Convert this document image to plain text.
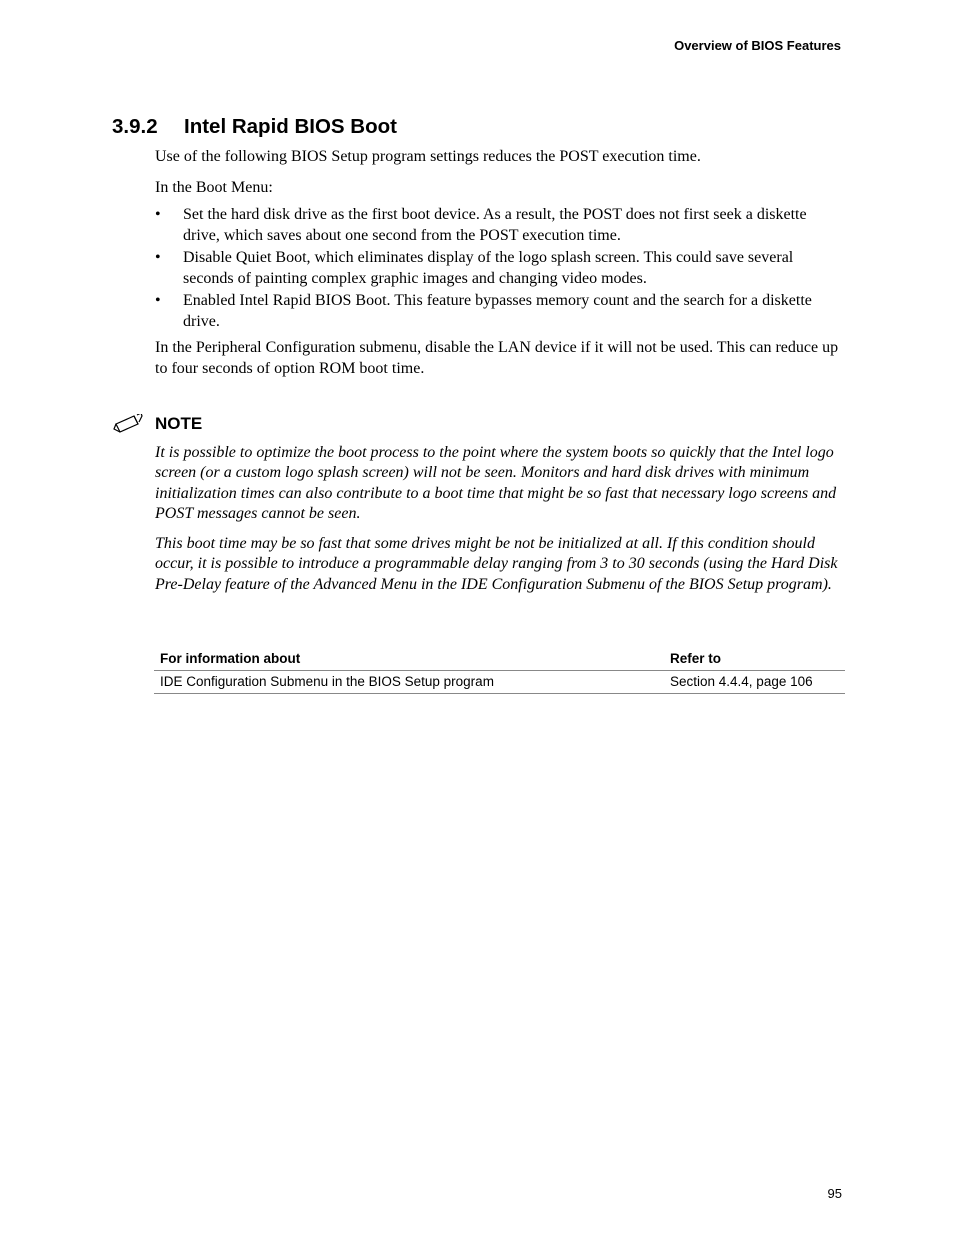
Overview of BIOS Features
3.9.2 Intel Rapid BIOS Boot
Use of the following BIOS Setup program settings reduces the POST execution time.
In the Boot Menu:
• Set the hard disk drive as the first boot device. As a result, the POST does not first seek a diskette drive, which saves about one second from the POST execution time.
• Disable Quiet Boot, which eliminates display of the logo splash screen. This could save several seconds of painting complex graphic images and changing video modes.
• Enabled Intel Rapid BIOS Boot. This feature bypasses memory count and the search for a diskette drive.
In the Peripheral Configuration submenu, disable the LAN device if it will not be used. This can reduce up to four seconds of option ROM boot time.
NOTE
It is possible to optimize the boot process to the point where the system boots so quickly that the Intel logo screen (or a custom logo splash screen) will not be seen. Monitors and hard disk drives with minimum initialization times can also contribute to a boot time that might be so fast that necessary logo screens and POST messages cannot be seen.
This boot time may be so fast that some drives might be not be initialized at all. If this condition should occur, it is possible to introduce a programmable delay ranging from 3 to 30 seconds (using the Hard Disk Pre-Delay feature of the Advanced Menu in the IDE Configuration Submenu of the BIOS Setup program).
For information about	Refer to
IDE Configuration Submenu in the BIOS Setup program	Section 4.4.4, page 106
95
